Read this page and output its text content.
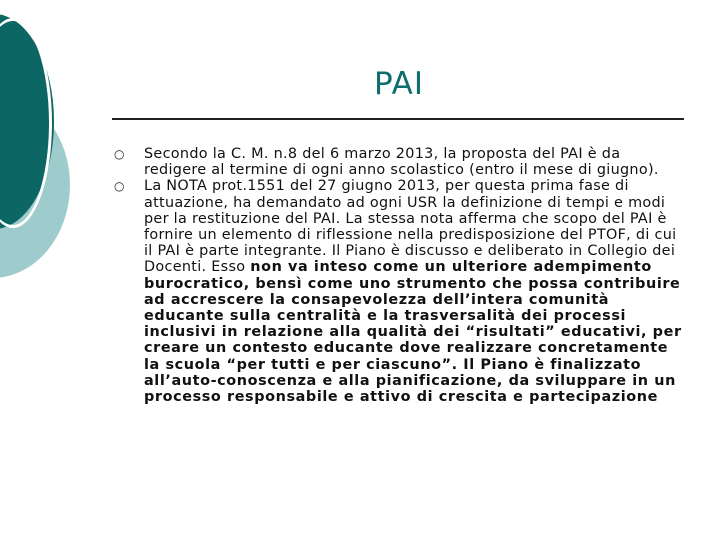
PAI
○	Secondo la C. M. n.8 del 6 marzo 2013, la proposta del PAI è da redigere al termine di ogni anno scolastico (entro il mese di giugno).
○	La NOTA prot.1551 del 27 giugno 2013, per questa prima fase di attuazione, ha demandato ad ogni USR la definizione di tempi e modi per la restituzione del PAI. La stessa nota afferma che scopo del PAI è fornire un elemento di riflessione nella predisposizione del PTOF, di cui il PAI è parte integrante. Il Piano è discusso e deliberato in Collegio dei Docenti. Esso non va inteso come un ulteriore adempimento burocratico, bensì come uno strumento che possa contribuire ad accrescere la consapevolezza dell’intera comunità educante sulla centralità e la trasversalità dei processi inclusivi in relazione alla qualità dei “risultati” educativi, per creare un contesto educante dove realizzare concretamente la scuola “per tutti e per ciascuno”. Il Piano è finalizzato all’auto-conoscenza e alla pianificazione, da sviluppare in un processo responsabile e attivo di crescita e partecipazione
